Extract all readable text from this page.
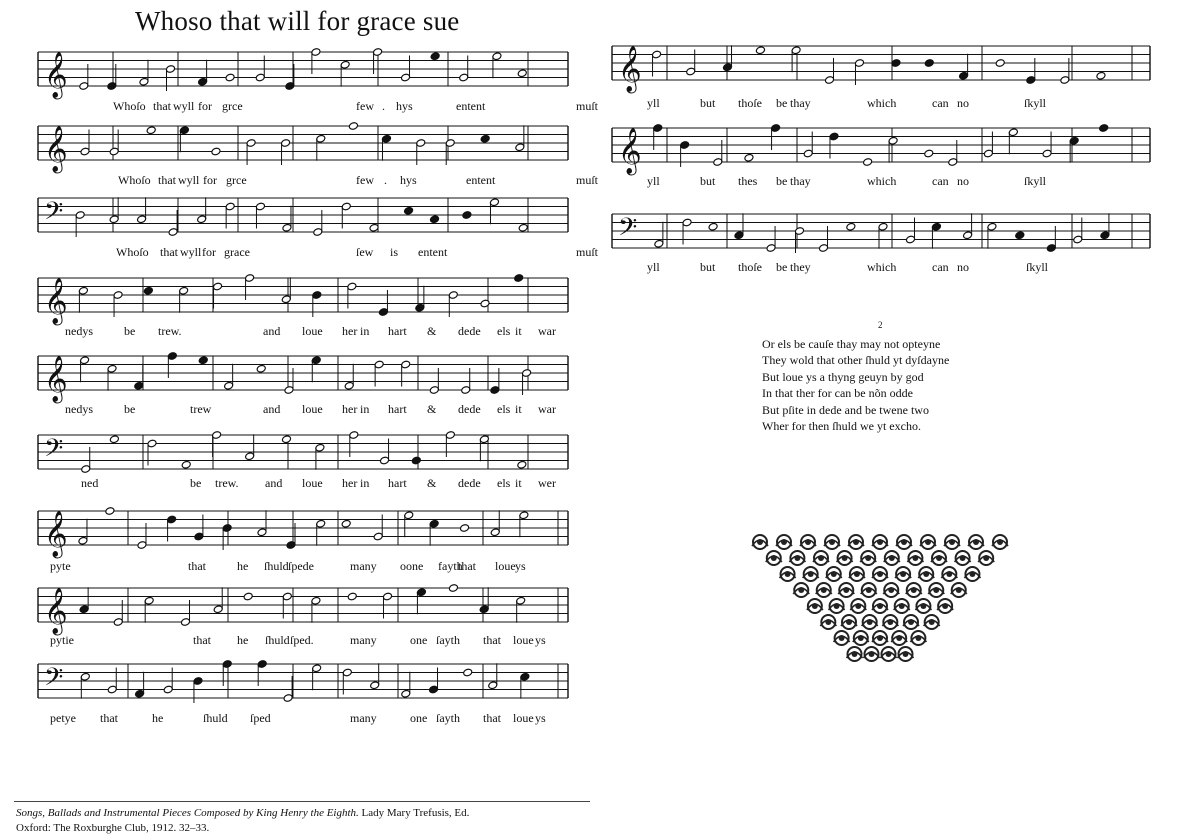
Whoso that will for grace sue
𝄞
Whoſo that wyll for grce	few . hys	entent	muſt
𝄞
Whoſo that wyll for grce	few . hys	entent	muſt
𝄢
Whoſo that wyll for grace	ſew is entent	muſt
𝄞
nedys	be trew.	and loue her in hart & dede els it war
𝄞
nedys	be	trew	and loue her in hart & dede els it war
𝄢
ned	be trew. and loue her in hart & dede els it wer
𝄞
pyte	that	he ſhuld ſpede	many oone fayth
that loue ys
𝄞
pytie	that he ſhuld ſped.	many	one ſayth that loue ys
𝄢
petye that	he	ſhuld ſped	many	one ſayth that loue ys
𝄞
yll	but thoſe be thay	which	can no	ſkyll
𝄞
yll	but thes be thay	which	can no	ſkyll
𝄢
yll	but thoſe be they	which	can no	ſkyll
2
Or els be cauſe thay may not opteyne
They wold that other ſhuld yt dyſdayne
But loue ys a thyng geuyn by god
In that ther for can be nõn odde
But pſite in dede and be twene two
Wher for then ſhuld we yt excho.
Songs, Ballads and Instrumental Pieces Composed by King Henry the Eighth. Lady Mary Trefusis, Ed.
Oxford: The Roxburghe Club, 1912. 32–33.
